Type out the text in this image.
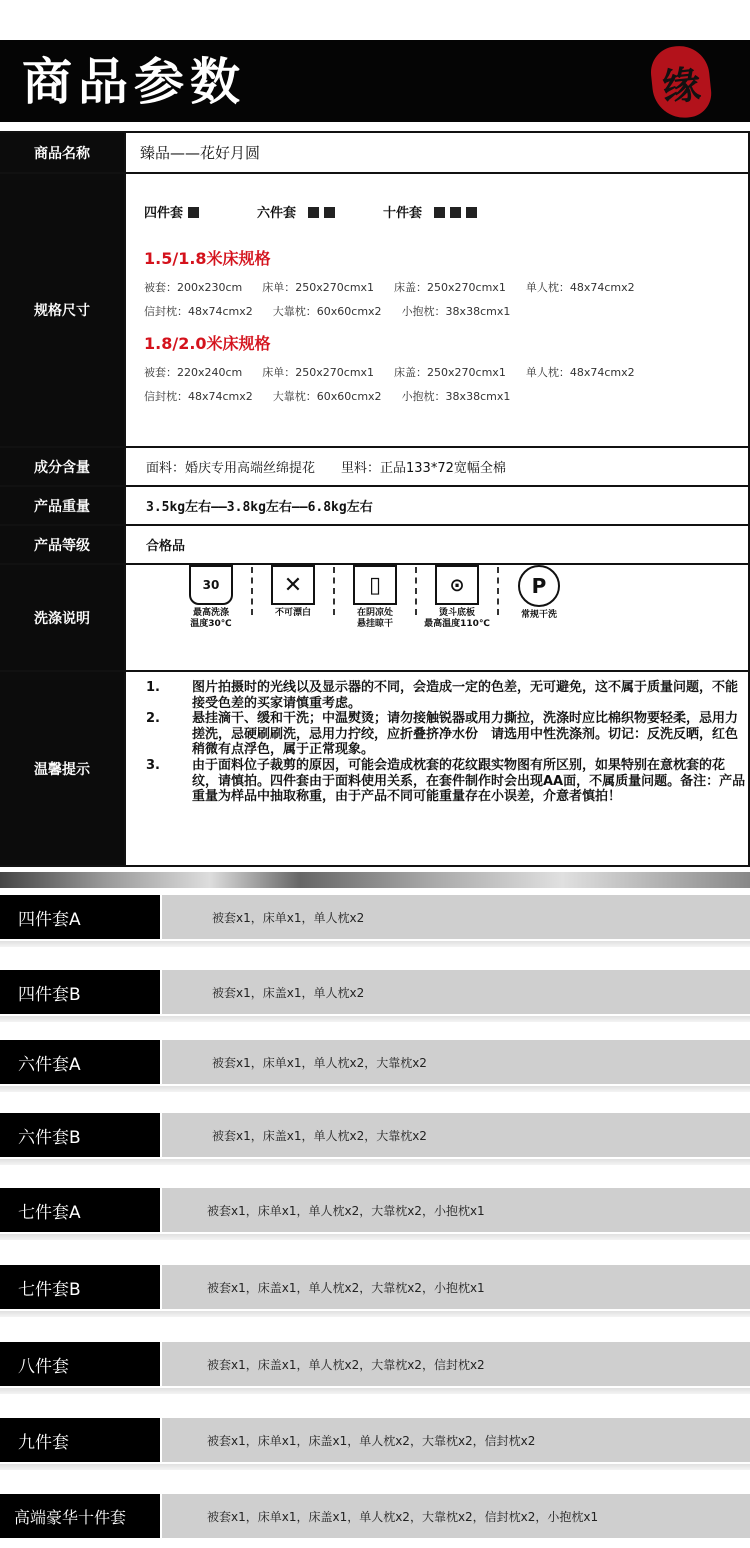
商品参数	缘
商品名称	臻品——花好月圆
规格尺寸
四件套	六件套	十件套
1.5/1.8米床规格
被套：200x230cm 床单：250x270cmx1 床盖：250x270cmx1 单人枕：48x74cmx2
信封枕：48x74cmx2 大靠枕：60x60cmx2 小抱枕：38x38cmx1
1.8/2.0米床规格
被套：220x240cm 床单：250x270cmx1 床盖：250x270cmx1 单人枕：48x74cmx2
信封枕：48x74cmx2 大靠枕：60x60cmx2 小抱枕：38x38cmx1
成分含量	面料：婚庆专用高端丝绵提花　　里料：正品133*72宽幅全棉
产品重量	3.5kg左右——3.8kg左右——6.8kg左右
产品等级	合格品
洗涤说明
30
最高洗涤
温度30℃
✕
不可漂白
▯
在阴凉处
悬挂晾干
⊙
烫斗底板
最高温度110℃
P
常规干洗
温馨提示
1.	图片拍摄时的光线以及显示器的不同，会造成一定的色差，无可避免，这不属于质量问题，不能接受色差的买家请慎重考虑。
2.	悬挂滴干、缓和干洗；中温熨烫；请勿接触锐器或用力撕拉，洗涤时应比棉织物要轻柔，忌用力搓洗，忌硬刷刷洗，忌用力拧绞，应折叠挤净水份　请选用中性洗涤剂。切记：反洗反晒，红色稍微有点浮色，属于正常现象。
3.	由于面料位子裁剪的原因，可能会造成枕套的花纹跟实物图有所区别，如果特别在意枕套的花纹，请慎拍。四件套由于面料使用关系，在套件制作时会出现AA面，不属质量问题。备注：产品重量为样品中抽取称重，由于产品不同可能重量存在小误差，介意者慎拍！
四件套A	被套x1，床单x1，单人枕x2
四件套B	被套x1，床盖x1，单人枕x2
六件套A	被套x1，床单x1，单人枕x2，大靠枕x2
六件套B	被套x1，床盖x1，单人枕x2，大靠枕x2
七件套A	被套x1，床单x1，单人枕x2，大靠枕x2，小抱枕x1
七件套B	被套x1，床盖x1，单人枕x2，大靠枕x2，小抱枕x1
八件套	被套x1，床盖x1，单人枕x2，大靠枕x2，信封枕x2
九件套	被套x1，床单x1，床盖x1，单人枕x2，大靠枕x2，信封枕x2
高端豪华十件套	被套x1，床单x1，床盖x1，单人枕x2，大靠枕x2，信封枕x2，小抱枕x1
